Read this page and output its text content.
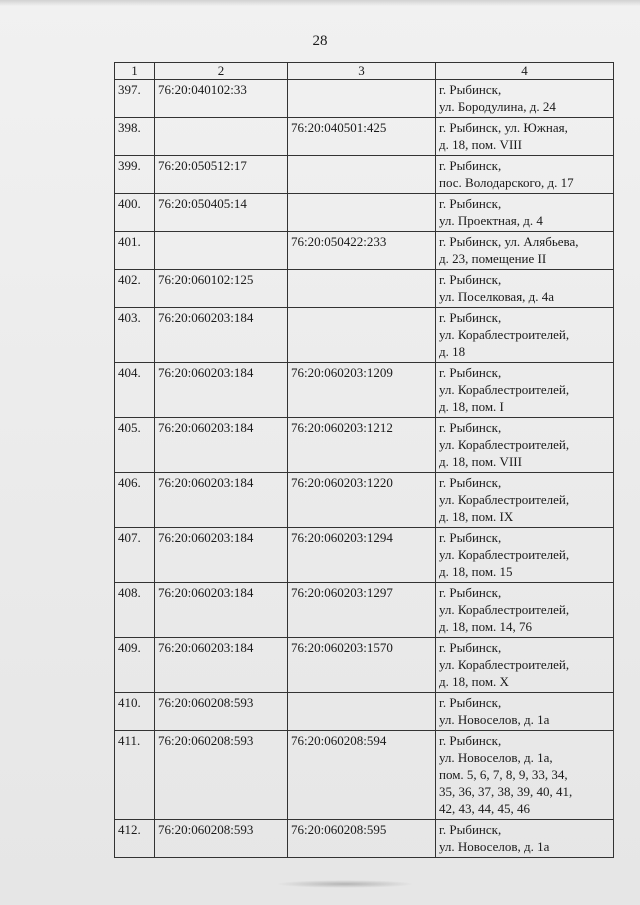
28
1	2	3	4
397.	76:20:040102:33		г. Рыбинск,
ул. Бородулина, д. 24
398.		76:20:040501:425	г. Рыбинск, ул. Южная,
д. 18, пом. VIII
399.	76:20:050512:17		г. Рыбинск,
пос. Володарского, д. 17
400.	76:20:050405:14		г. Рыбинск,
ул. Проектная, д. 4
401.		76:20:050422:233	г. Рыбинск, ул. Алябьева,
д. 23, помещение II
402.	76:20:060102:125		г. Рыбинск,
ул. Поселковая, д. 4а
403.	76:20:060203:184		г. Рыбинск,
ул. Кораблестроителей,
д. 18
404.	76:20:060203:184	76:20:060203:1209	г. Рыбинск,
ул. Кораблестроителей,
д. 18, пом. I
405.	76:20:060203:184	76:20:060203:1212	г. Рыбинск,
ул. Кораблестроителей,
д. 18, пом. VIII
406.	76:20:060203:184	76:20:060203:1220	г. Рыбинск,
ул. Кораблестроителей,
д. 18, пом. IX
407.	76:20:060203:184	76:20:060203:1294	г. Рыбинск,
ул. Кораблестроителей,
д. 18, пом. 15
408.	76:20:060203:184	76:20:060203:1297	г. Рыбинск,
ул. Кораблестроителей,
д. 18, пом. 14, 76
409.	76:20:060203:184	76:20:060203:1570	г. Рыбинск,
ул. Кораблестроителей,
д. 18, пом. Х
410.	76:20:060208:593		г. Рыбинск,
ул. Новоселов, д. 1а
411.	76:20:060208:593	76:20:060208:594	г. Рыбинск,
ул. Новоселов, д. 1а,
пом. 5, 6, 7, 8, 9, 33, 34,
35, 36, 37, 38, 39, 40, 41,
42, 43, 44, 45, 46
412.	76:20:060208:593	76:20:060208:595	г. Рыбинск,
ул. Новоселов, д. 1а
